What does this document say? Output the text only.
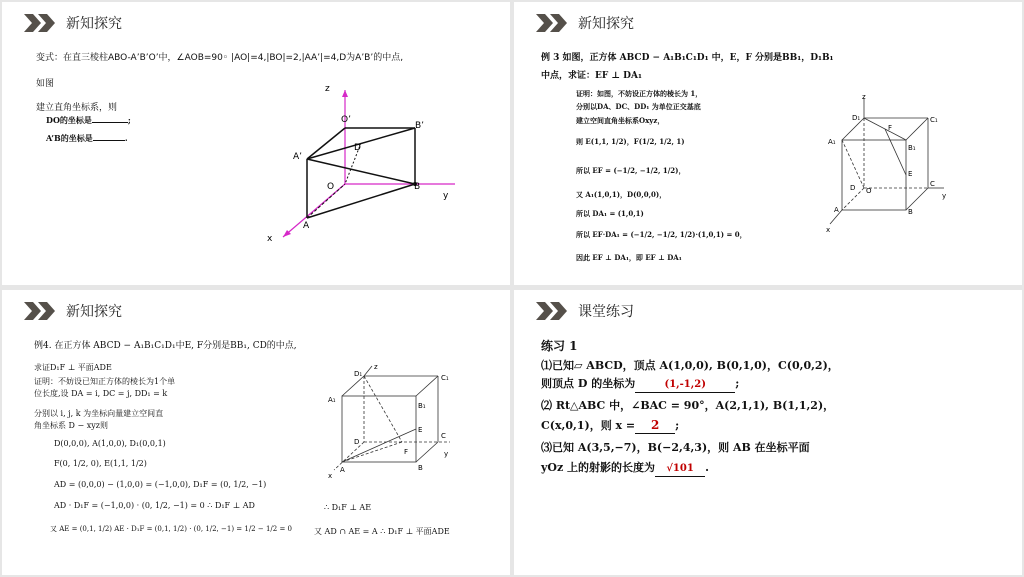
新知探究
变式：在直三棱柱ABO-A’B’O’中，∠AOB=90◦ |AO|=4,|BO|=2,|AA’|=4,D为A’B’的中点,
如图
建立直角坐标系，则
DO的坐标是	;
A’B的坐标是	.
z
O’
B’
A’
D
O	B
y
A
x
新知探究
例 3 如图，正方体 ABCD − A₁B₁C₁D₁ 中，E，F 分别是BB₁，D₁B₁
中点，求证：EF ⊥ DA₁
证明：如图，不妨设正方体的棱长为 1，
分别以DA、DC、DD₁ 为单位正交基底
建立空间直角坐标系Oxyz，
则 E(1,1, 1/2)，F(1/2, 1/2, 1)
所以 EF = (−1/2, −1/2, 1/2)，
又 A₁(1,0,1)，D(0,0,0)，
所以 DA₁ = (1,0,1)
所以 EF·DA₁ = (−1/2, −1/2, 1/2)·(1,0,1) = 0，
因此 EF ⊥ DA₁，即 EF ⊥ DA₁
z
D₁
F
C₁
A₁
B₁
E
D O
C
y
A	B
x
新知探究
例4. 在正方体 ABCD − A₁B₁C₁D₁中E, F分别是BB₁, CD的中点,
求证D₁F ⊥ 平面ADE
证明：不妨设已知正方体的棱长为1个单
位长度,设 DA = i, DC = j, DD₁ = k
分别以 i, j, k 为坐标向量建立空间直
角坐标系 D − xyz则
D(0,0,0), A(1,0,0), D₁(0,0,1)
F(0, 1/2, 0), E(1,1, 1/2)
AD = (0,0,0) − (1,0,0) = (−1,0,0), D₁F = (0, 1/2, −1)
AD · D₁F = (−1,0,0) · (0, 1/2, −1) = 0 ∴ D₁F ⊥ AD
又 AE = (0,1, 1/2) AE · D₁F = (0,1, 1/2) · (0, 1/2, −1) = 1/2 − 1/2 = 0
∴ D₁F ⊥ AE
又 AD ∩ AE = A ∴ D₁F ⊥ 平面ADE
D₁
z
C₁
A₁
B₁
D
E
C
y
F
A	B
x
课堂练习
练习 1
⑴已知▱ ABCD，顶点 A(1,0,0), B(0,1,0)，C(0,0,2)，
则顶点 D 的坐标为	(1,-1,2)	;
⑵ Rt△ABC 中，∠BAC = 90°，A(2,1,1), B(1,1,2)，
C(x,0,1)，则 x = 2 ;
⑶已知 A(3,5,−7)，B(−2,4,3)，则 AB 在坐标平面
yOz 上的射影的长度为 √101 .
